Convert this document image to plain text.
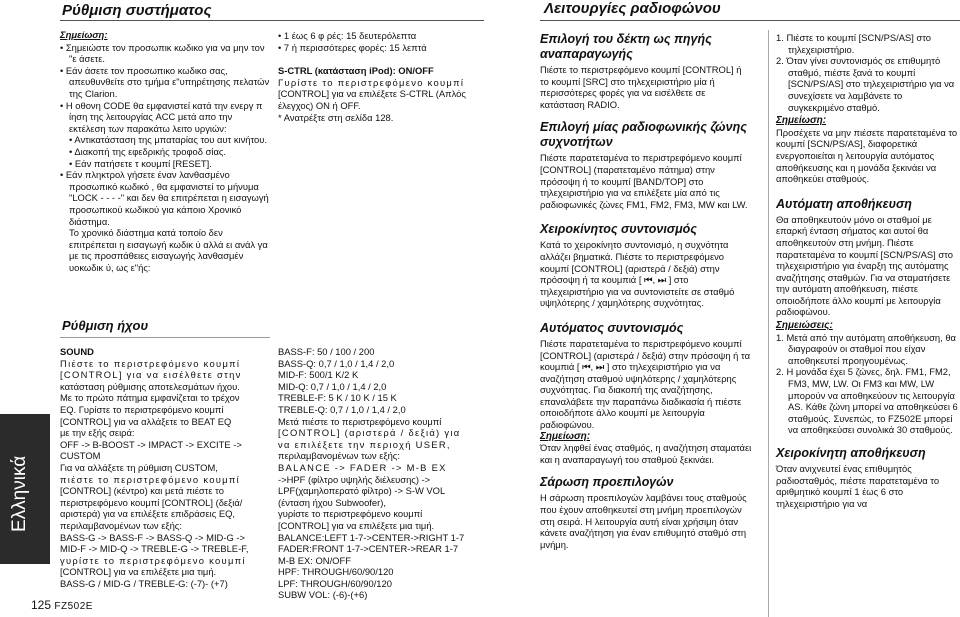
Ρύθμιση συστήματος	Λειτουργίες ραδιοφώνου
Ελληνικά
125 FZ502E

Σημείωση:

• Σημειώστε τον προσωπικ κωδικο για να μην τον "ε άσετε.

• Εάν άσετε τον προσωπικο κωδικο σας, απευθυνθείτε στο τμήμα ε"υπηρέτησης πελατών της Clarion.

• Η οθονη CODE θα εμφανιστεί κατά την ενεργ π ίηση της λειτουργίας ACC μετά απο την εκτέλεση των παρακάτω λειτο υργιών:

• Αντικατάσταση της μπαταρίας του αυτ κινήτου.

• Διακοπή της εφεδρικής τροφοδ σίας.

• Εάν πατήσετε τ κουμπί [RESET].

• Εάν πληκτρολ γήσετε έναν λανθασμένο προσωπικό κωδικό , θα εμφανιστεί το μήνυμα "LOCK - - - -" και δεν θα επιτρέπεται η εισαγωγή προσωπικού κωδικού για κάποιο Χρονικό διάστημα.

Το χρονικό διάστημα κατά τοποίο δεν επιτρέπεται η εισαγωγή κωδικ ύ αλλά ει ανάλ γα με τις προσπάθειες εισαγωγής λανθασμέν υοκωδικ ύ, ως ε"ής:

Ρύθμιση ήχου

SOUND

Πιέστε το περιστρεφόμενο κουμπί

[CONTROL] για να εισέλθετε στην

κατάσταση ρύθμισης αποτελεσμάτων ήχου.

Με το πρώτο πάτημα εμφανίζεται το τρέχον

EQ. Γυρίστε το περιστρεφόμενο κουμπί

[CONTROL] για να αλλάξετε το BEAT EQ

με την εξής σειρά:

OFF -> B-BOOST -> IMPACT -> EXCITE ->

CUSTOM

Για να αλλάξετε τη ρύθμιση CUSTOM,

πιέστε το περιστρεφόμενο κουμπί

[CONTROL] (κέντρο) και μετά πιέστε το

περιστρεφόμενο κουμπί [CONTROL] (δεξιά/

αριστερά) για να επιλέξετε επιδράσεις EQ,

περιλαμβανομένων των εξής:

BASS-G -> BASS-F -> BASS-Q -> MID-G ->

MID-F -> MID-Q -> TREBLE-G -> TREBLE-F,

γυρίστε το περιστρεφόμενο κουμπί

[CONTROL] για να επιλέξετε μια τιμή.

BASS-G / MID-G / TREBLE-G: (-7)- (+7)

• 1 έως 6 φ ρές: 15 δευτερόλεπτα

• 7 ή περισσότερες φορές: 15 λεπτά

S-CTRL (κατάσταση iPod): ON/OFF

Γυρίστε το περιστρεφόμενο κουμπί

[CONTROL] για να επιλέξετε S-CTRL (Απλός

έλεγχος) ON ή OFF.

* Ανατρέξτε στη σελίδα 128.

BASS-F: 50 / 100 / 200

BASS-Q: 0,7 / 1,0 / 1,4 / 2,0

MID-F: 500/1 K/2 K

MID-Q: 0,7 / 1,0 / 1,4 / 2,0

TREBLE-F: 5 K / 10 K / 15 K

TREBLE-Q: 0,7 / 1,0 / 1,4 / 2,0

Μετά πιέστε το περιστρεφόμενο κουμπί

[CONTROL] (αριστερά / δεξιά) για

να επιλέξετε την περιοχή USER,

περιλαμβανομένων των εξής:

BALANCE -> FADER -> M-B EX

->HPF (φίλτρο υψηλής διέλευσης) ->

LPF(χαμηλοπερατό φίλτρο) -> S-W VOL

(ένταση ήχου Subwoofer),

γυρίστε το περιστρεφόμενο κουμπί

[CONTROL] για να επιλέξετε μια τιμή.

BALANCE:LEFT 1-7->CENTER->RIGHT 1-7

FADER:FRONT 1-7->CENTER->REAR 1-7

M-B EX: ON/OFF

HPF: THROUGH/60/90/120

LPF: THROUGH/60/90/120

SUBW VOL: (-6)-(+6)

Επιλογή του δέκτη ως πηγής
αναπαραγωγής

Πιέστε το περιστρεφόμενο κουμπί [CONTROL] ή το κουμπί [SRC] στο τηλεχειριστήριο μία ή περισσότερες φορές για να εισέλθετε σε κατάσταση RADIO.

Επιλογή μίας ραδιοφωνικής ζώνης
συχνοτήτων

Πιέστε παρατεταμένα το περιστρεφόμενο κουμπί [CONTROL] (παρατεταμένο πάτημα) στην πρόσοψη ή το κουμπί [BAND/TOP] στο τηλεχειριστήριο για να επιλέξετε μία από τις ραδιοφωνικές ζώνες FM1, FM2, FM3, MW και LW.

Χειροκίνητος συντονισμός

Κατά το χειροκίνητο συντονισμό, η συχνότητα αλλάζει βηματικά. Πιέστε το περιστρεφόμενο κουμπί [CONTROL] (αριστερά / δεξιά) στην πρόσοψη ή τα κουμπιά [ ⏮, ⏭ ] στο τηλεχειριστήριο για να συντονιστείτε σε σταθμό υψηλότερης / χαμηλότερης συχνότητας.

Αυτόματος συντονισμός

Πιέστε παρατεταμένα το περιστρεφόμενο κουμπί [CONTROL] (αριστερά / δεξιά) στην πρόσοψη ή τα κουμπιά [ ⏮, ⏭ ] στο τηλεχειριστήριο για να αναζήτηση σταθμού υψηλότερης / χαμηλότερης συχνότητας. Για διακοπή της αναζήτησης, επαναλάβετε την παραπάνω διαδικασία ή πιέστε οποιοδήποτε άλλο κουμπί με λειτουργία ραδιοφώνου.

Σημείωση:

Όταν ληφθεί ένας σταθμός, η αναζήτηση σταματάει και η αναπαραγωγή του σταθμού ξεκινάει.

Σάρωση προεπιλογών

Η σάρωση προεπιλογών λαμβάνει τους σταθμούς που έχουν αποθηκευτεί στη μνήμη προεπιλογών στη σειρά. Η λειτουργία αυτή είναι χρήσιμη όταν κάνετε αναζήτηση για έναν επιθυμητό σταθμό στη μνήμη.

1. Πιέστε το κουμπί [SCN/PS/AS] στο τηλεχειριστήριο.

2. Όταν γίνει συντονισμός σε επιθυμητό σταθμό, πιέστε ξανά το κουμπί [SCN/PS/AS] στο τηλεχειριστήριο για να συνεχίσετε να λαμβάνετε το συγκεκριμένο σταθμό.

Σημείωση:

Προσέχετε να μην πιέσετε παρατεταμένα το κουμπί [SCN/PS/AS], διαφορετικά ενεργοποιείται η λειτουργία αυτόματος αποθήκευσης και η μονάδα ξεκινάει να αποθηκεύει σταθμούς.

Αυτόματη αποθήκευση

Θα αποθηκευτούν μόνο οι σταθμοί με επαρκή ένταση σήματος και αυτοί θα αποθηκευτούν στη μνήμη. Πιέστε παρατεταμένα το κουμπί [SCN/PS/AS] στο τηλεχειριστήριο για έναρξη της αυτόματης αναζήτησης σταθμών. Για να σταματήσετε την αυτόματη αποθήκευση, πιέστε οποιοδήποτε άλλο κουμπί με λειτουργία ραδιοφώνου.

Σημειώσεις:

1. Μετά από την αυτόματη αποθήκευση, θα διαγραφούν οι σταθμοί που είχαν αποθηκευτεί προηγουμένως.

2. Η μονάδα έχει 5 ζώνες, δηλ. FM1, FM2, FM3, MW, LW. Οι FM3 και MW, LW μπορούν να αποθηκεύουν τις λειτουργία AS. Κάθε ζώνη μπορεί να αποθηκεύσει 6 σταθμούς. Συνεπώς, το FZ502E μπορεί να αποθηκεύσει συνολικά 30 σταθμούς.

Χειροκίνητη αποθήκευση

Όταν ανιχνευτεί ένας επιθυμητός ραδιοσταθμός, πιέστε παρατεταμένα το αριθμητικό κουμπί 1 έως 6 στο τηλεχειριστήριο για να
